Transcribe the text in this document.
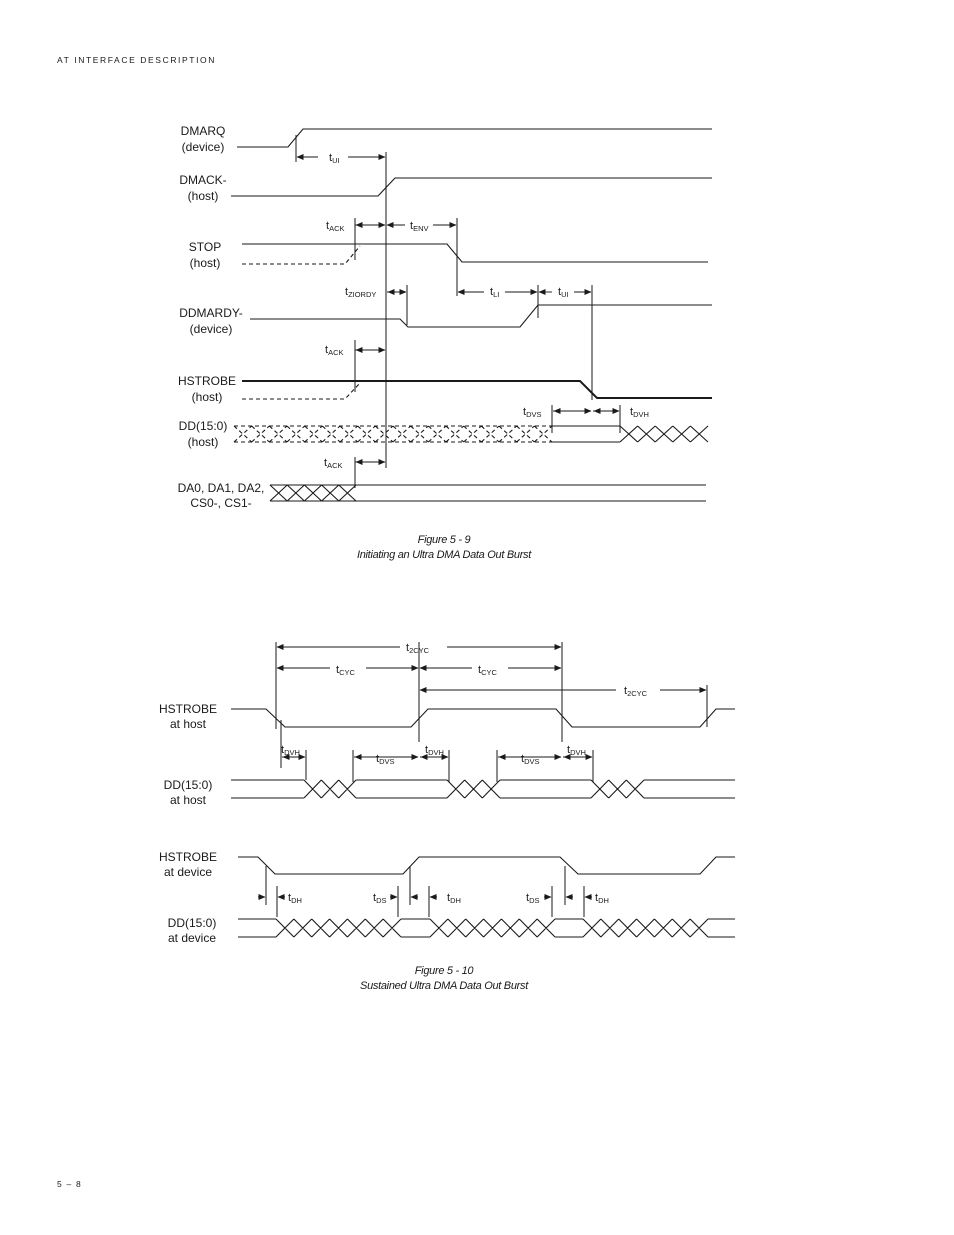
AT INTERFACE DESCRIPTION
DMARQ
(device)
DMACK-
(host)
STOP
(host)
DDMARDY-
(device)
HSTROBE
(host)
DD(15:0)
(host)
DA0, DA1, DA2,
CS0-, CS1-
tUI
tACK	tENV
tZIORDY	tLI	tUI
tACK
tDVS	tDVH
tACK
HSTROBE
at host
DD(15:0)
at host
HSTROBE
at device
DD(15:0)
at device
t2CYC
tCYC	tCYC
t2CYC
tDVH
tDVS
tDVH
tDVS
tDVH
tDH	tDS	tDH	tDS	tDH
Figure 5 - 9
Initiating an Ultra DMA Data Out Burst
Figure 5 - 10
Sustained Ultra DMA Data Out Burst
5 – 8
